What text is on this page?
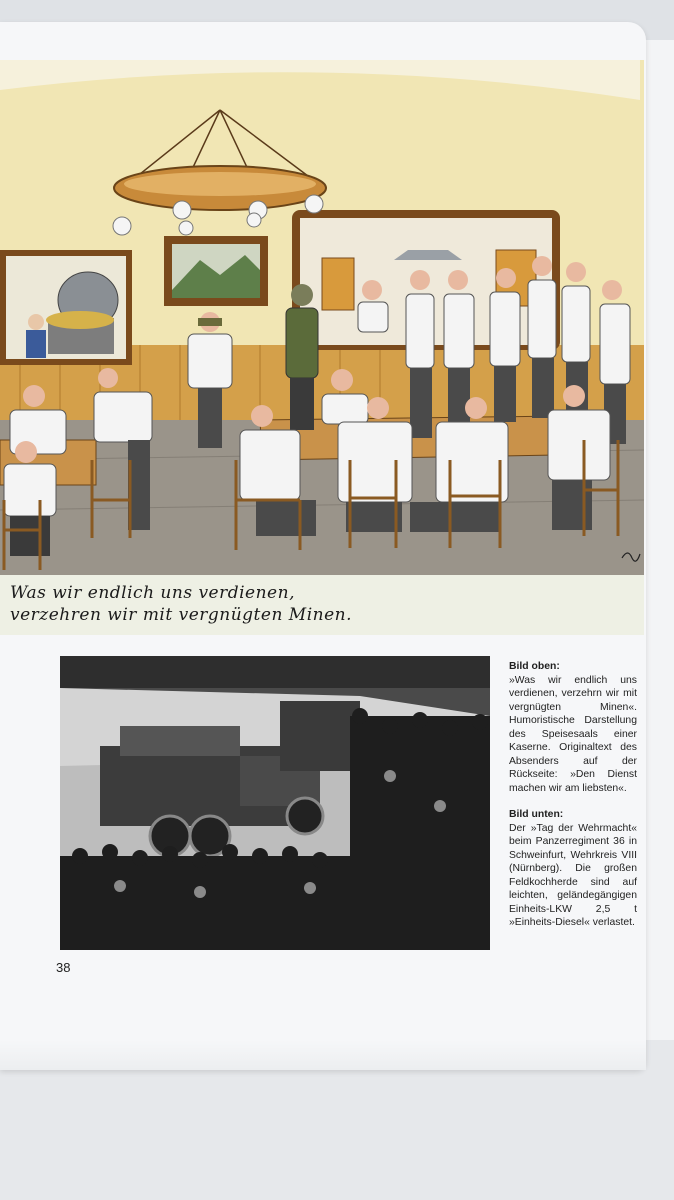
Was wir endlich uns verdienen,
verzehren wir mit vergnügten Minen.
Bild oben:
»Was wir endlich uns verdienen, verzehrn wir mit vergnügten Minen«. Humoristische Darstellung des Speisesaals einer Kaserne. Originaltext des Absenders auf der Rückseite: »Den Dienst machen wir am liebsten«.
Bild unten:
Der »Tag der Wehrmacht« beim Panzerregiment 36 in Schweinfurt, Wehrkreis VIII (Nürnberg). Die großen Feldkochherde sind auf leichten, geländegängigen Einheits-LKW 2,5 t »Einheits-Diesel« verlastet.
38
